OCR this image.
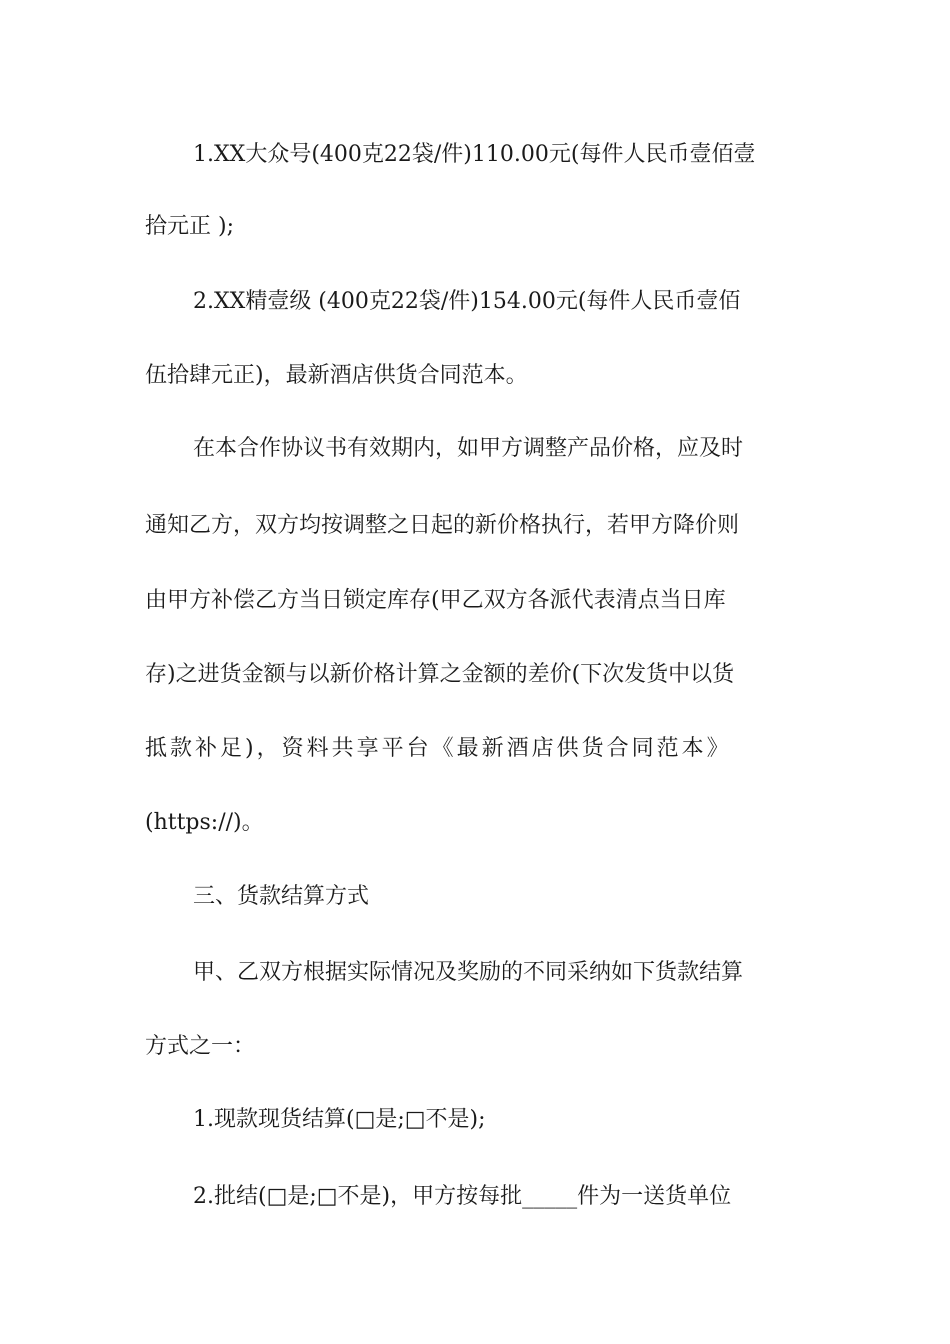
1.XX大众号(400克22袋/件)110.00元(每件人民币壹佰壹
拾元正 );
2.XX精壹级 (400克22袋/件)154.00元(每件人民币壹佰
伍拾肆元正)，最新酒店供货合同范本。
在本合作协议书有效期内，如甲方调整产品价格，应及时
通知乙方，双方均按调整之日起的新价格执行，若甲方降价则
由甲方补偿乙方当日锁定库存(甲乙双方各派代表清点当日库
存)之进货金额与以新价格计算之金额的差价(下次发货中以货
抵款补足)，资料共享平台《最新酒店供货合同范本》
(https://)。
三、货款结算方式
甲、乙双方根据实际情况及奖励的不同采纳如下货款结算
方式之一：
1.现款现货结算(□是;□不是);
2.批结(□是;□不是)，甲方按每批_____件为一送货单位
